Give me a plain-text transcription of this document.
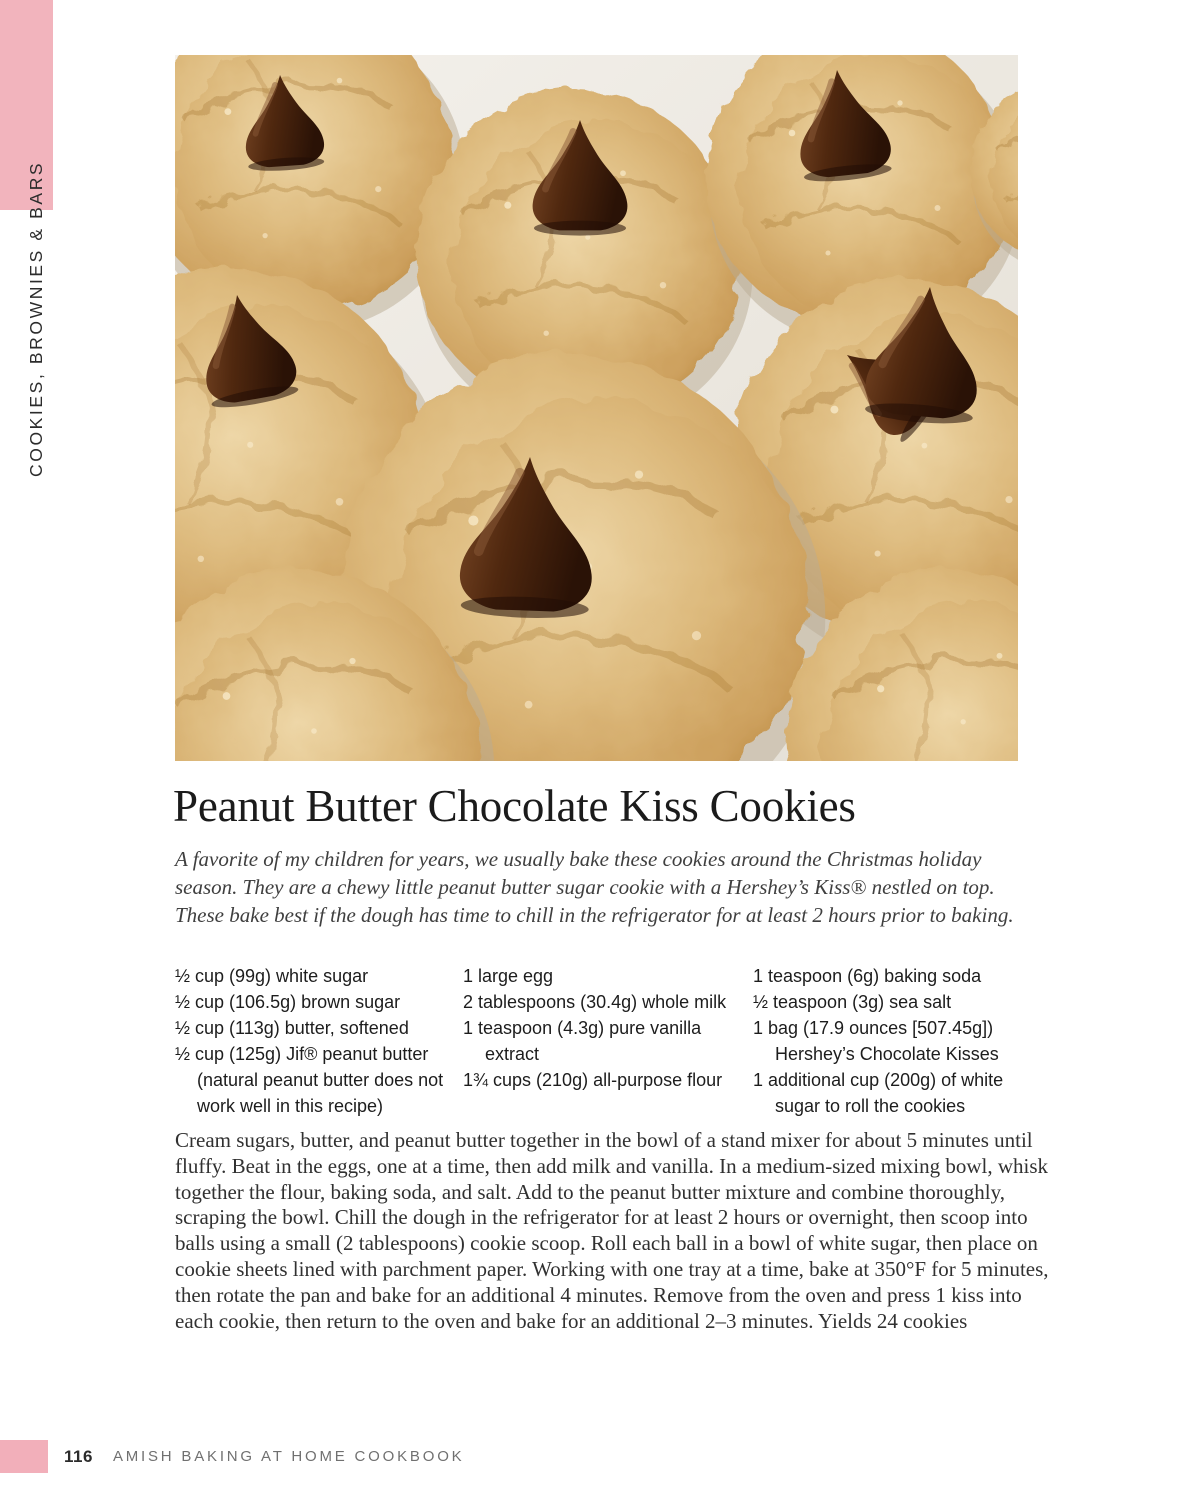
COOKIES, BROWNIES & BARS
Peanut Butter Chocolate Kiss Cookies

A favorite of my children for years, we usually bake these cookies around the Christmas holiday season. They are a chewy little peanut butter sugar cookie with a Hershey’s Kiss® nestled on top. These bake best if the dough has time to chill in the refrigerator for at least 2 hours prior to baking.

½ cup (99g) white sugar
½ cup (106.5g) brown sugar
½ cup (113g) butter, softened
½ cup (125g) Jif® peanut butter (natural peanut butter does not work well in this recipe)
1 large egg
2 tablespoons (30.4g) whole milk
1 teaspoon (4.3g) pure vanilla extract
1¾ cups (210g) all-purpose flour
1 teaspoon (6g) baking soda
½ teaspoon (3g) sea salt
1 bag (17.9 ounces [507.45g]) Hershey’s Chocolate Kisses
1 additional cup (200g) of white sugar to roll the cookies

Cream sugars, butter, and peanut butter together in the bowl of a stand mixer for about 5 minutes until fluffy. Beat in the eggs, one at a time, then add milk and vanilla. In a medium-sized mixing bowl, whisk together the flour, baking soda, and salt. Add to the peanut butter mixture and combine thoroughly, scraping the bowl. Chill the dough in the refrigerator for at least 2 hours or overnight, then scoop into balls using a small (2 tablespoons) cookie scoop. Roll each ball in a bowl of white sugar, then place on cookie sheets lined with parchment paper. Working with one tray at a time, bake at 350°F for 5 minutes, then rotate the pan and bake for an additional 4 minutes. Remove from the oven and press 1 kiss into each cookie, then return to the oven and bake for an additional 2–3 minutes. Yields 24 cookies

116 AMISH BAKING AT HOME COOKBOOK
